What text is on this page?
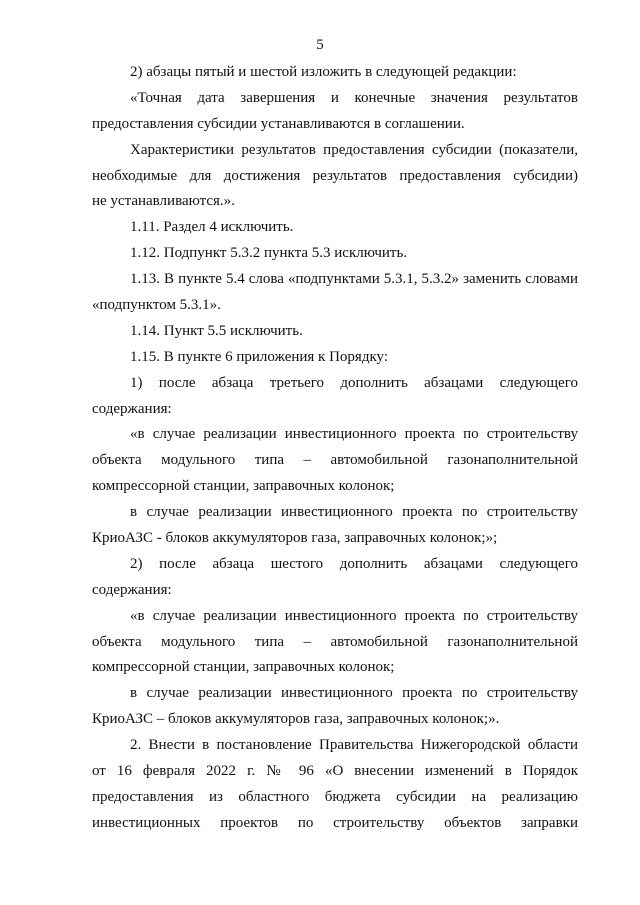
5
2) абзацы пятый и шестой изложить в следующей редакции:
«Точная дата завершения и конечные значения результатов
предоставления субсидии устанавливаются в соглашении.
Характеристики результатов предоставления субсидии (показатели,
необходимые для достижения результатов предоставления субсидии)
не устанавливаются.».
1.11. Раздел 4 исключить.
1.12. Подпункт 5.3.2 пункта 5.3 исключить.
1.13. В пункте 5.4 слова «подпунктами 5.3.1, 5.3.2» заменить словами
«подпунктом 5.3.1».
1.14. Пункт 5.5 исключить.
1.15. В пункте 6 приложения к Порядку:
1) после абзаца третьего дополнить абзацами следующего
содержания:
«в случае реализации инвестиционного проекта по строительству
объекта модульного типа – автомобильной газонаполнительной
компрессорной станции, заправочных колонок;
в случае реализации инвестиционного проекта по строительству
КриоАЗС - блоков аккумуляторов газа, заправочных колонок;»;
2) после абзаца шестого дополнить абзацами следующего
содержания:
«в случае реализации инвестиционного проекта по строительству
объекта модульного типа – автомобильной газонаполнительной
компрессорной станции, заправочных колонок;
в случае реализации инвестиционного проекта по строительству
КриоАЗС – блоков аккумуляторов газа, заправочных колонок;».
2. Внести в постановление Правительства Нижегородской области
от 16 февраля 2022 г. № 96 «О внесении изменений в Порядок
предоставления из областного бюджета субсидии на реализацию
инвестиционных проектов по строительству объектов заправки
